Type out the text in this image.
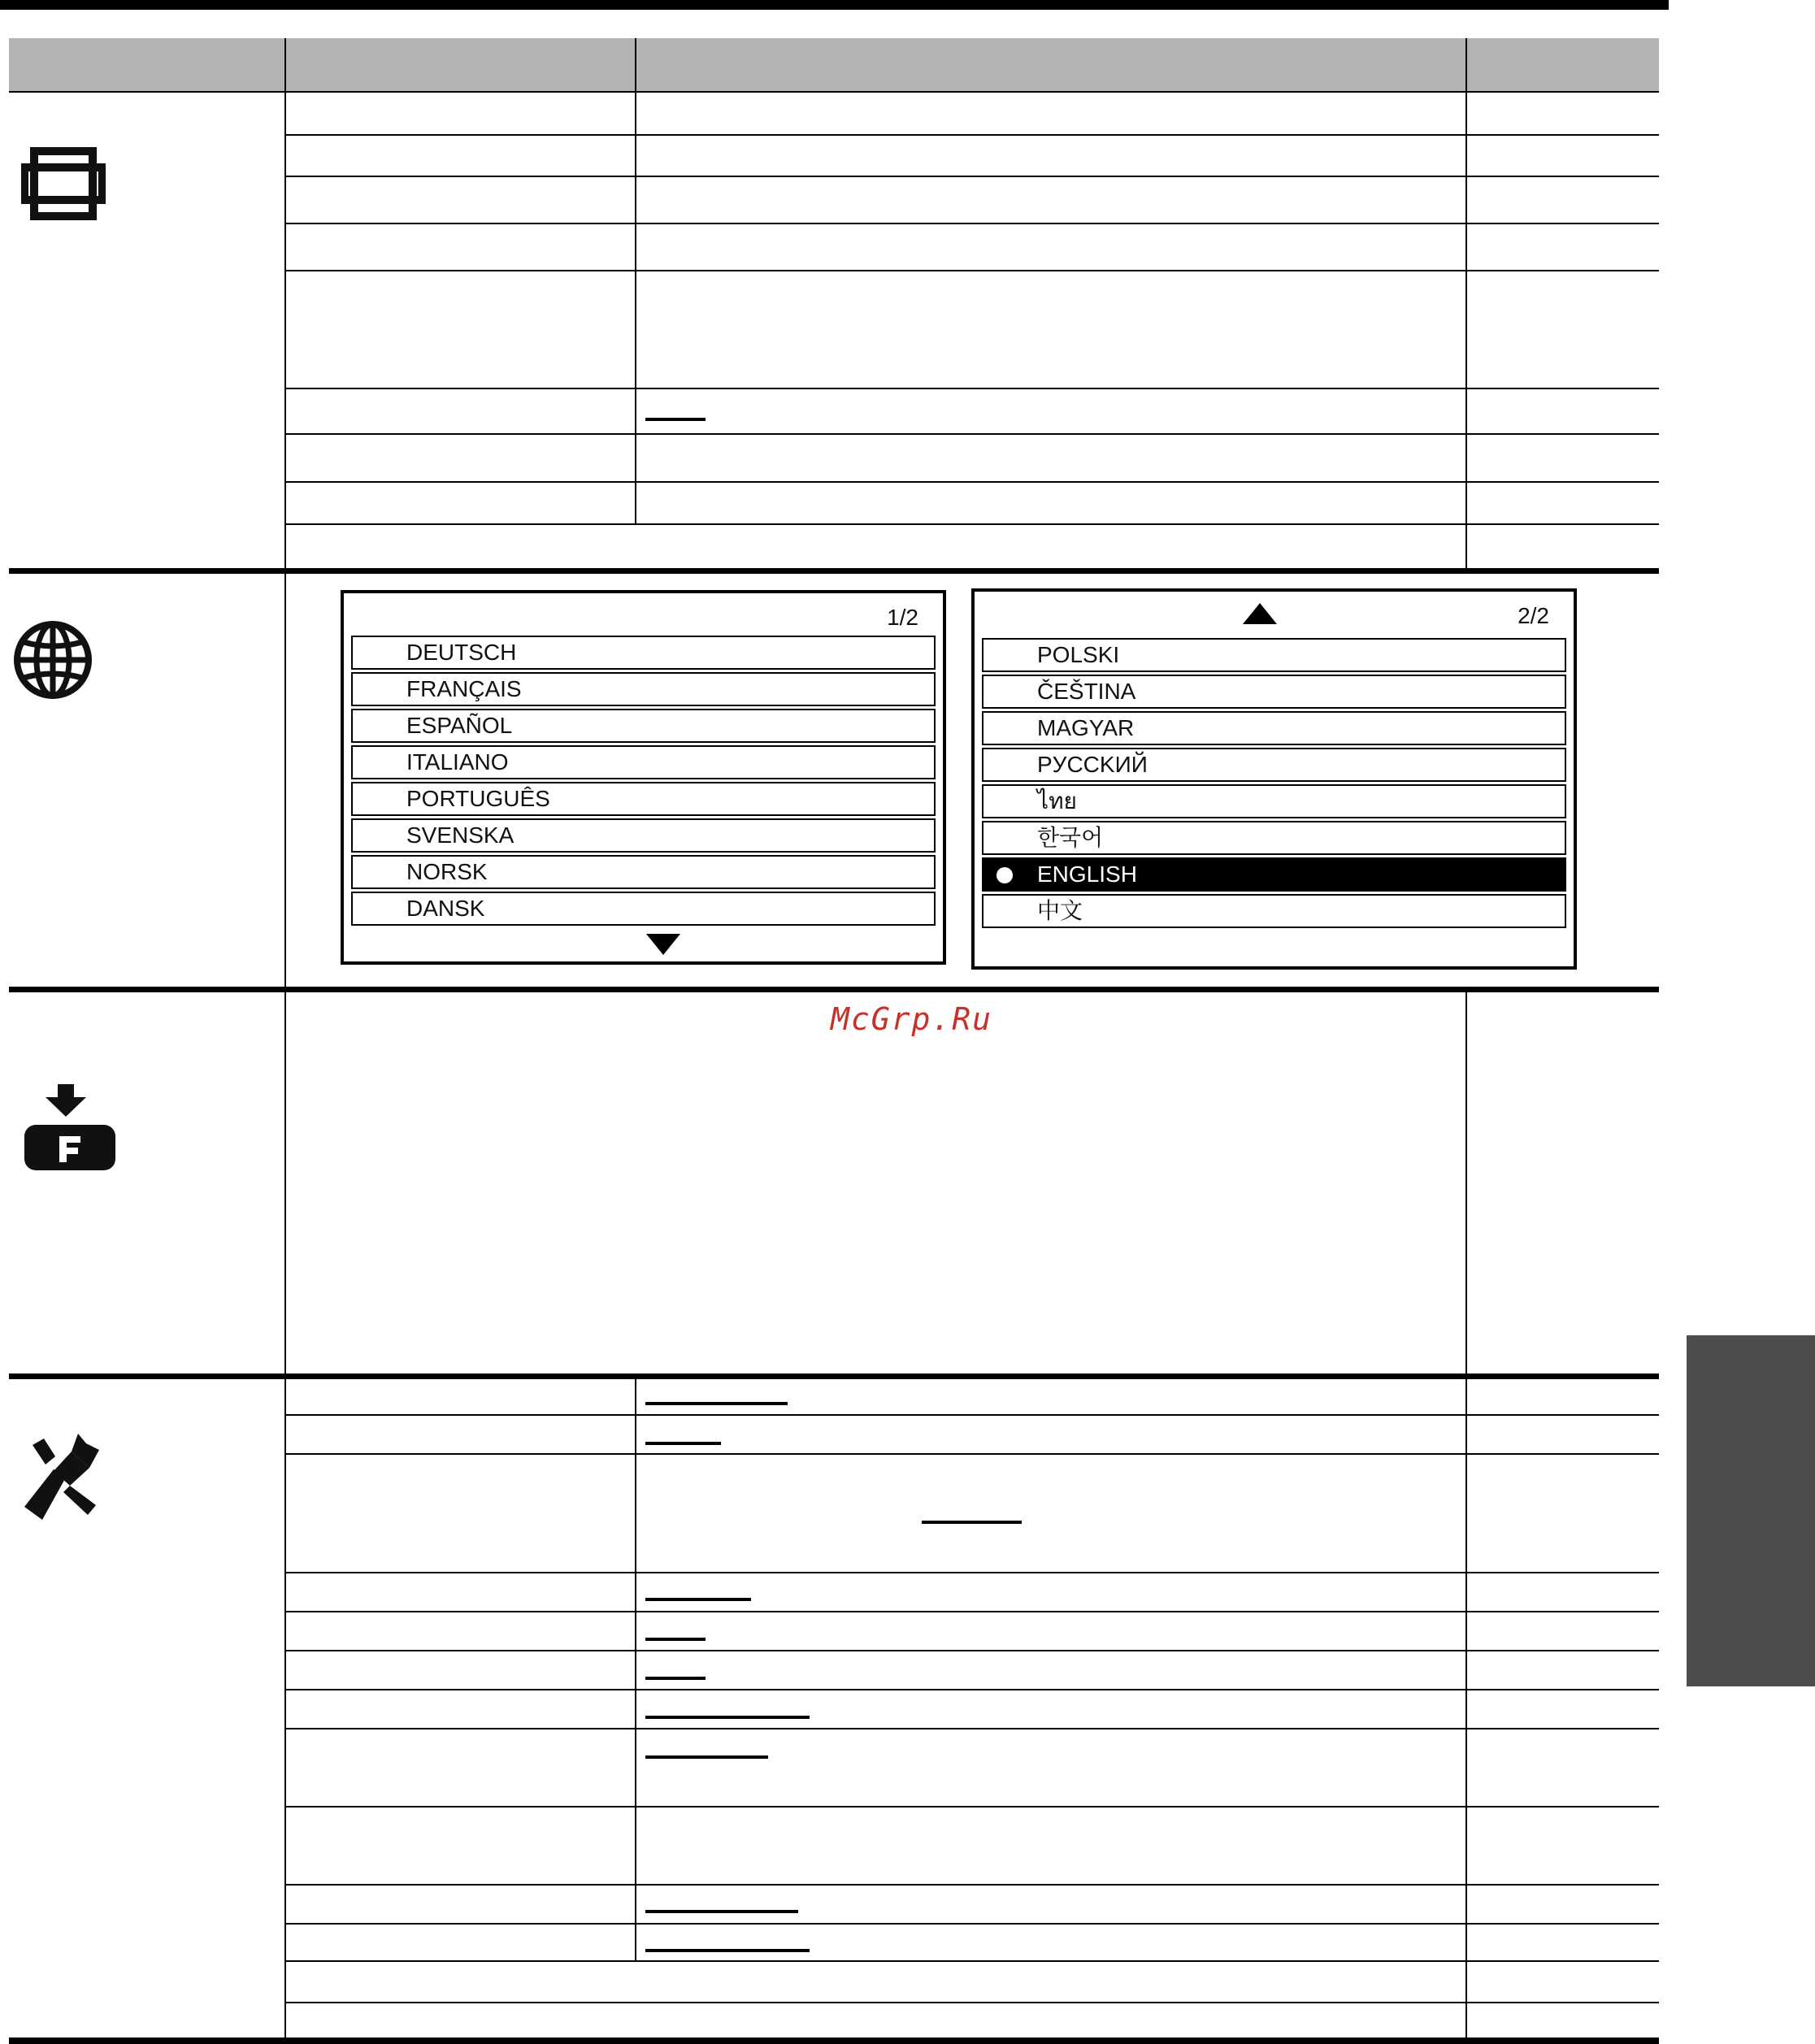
1/2
DEUTSCH
FRANÇAIS
ESPAÑOL
ITALIANO
PORTUGUÊS
SVENSKA
NORSK
DANSK
2/2
POLSKI
ČEŠTINA
MAGYAR
PУCCKИЙ
ไทย
한국어
ENGLISH
中文
McGrp.Ru
